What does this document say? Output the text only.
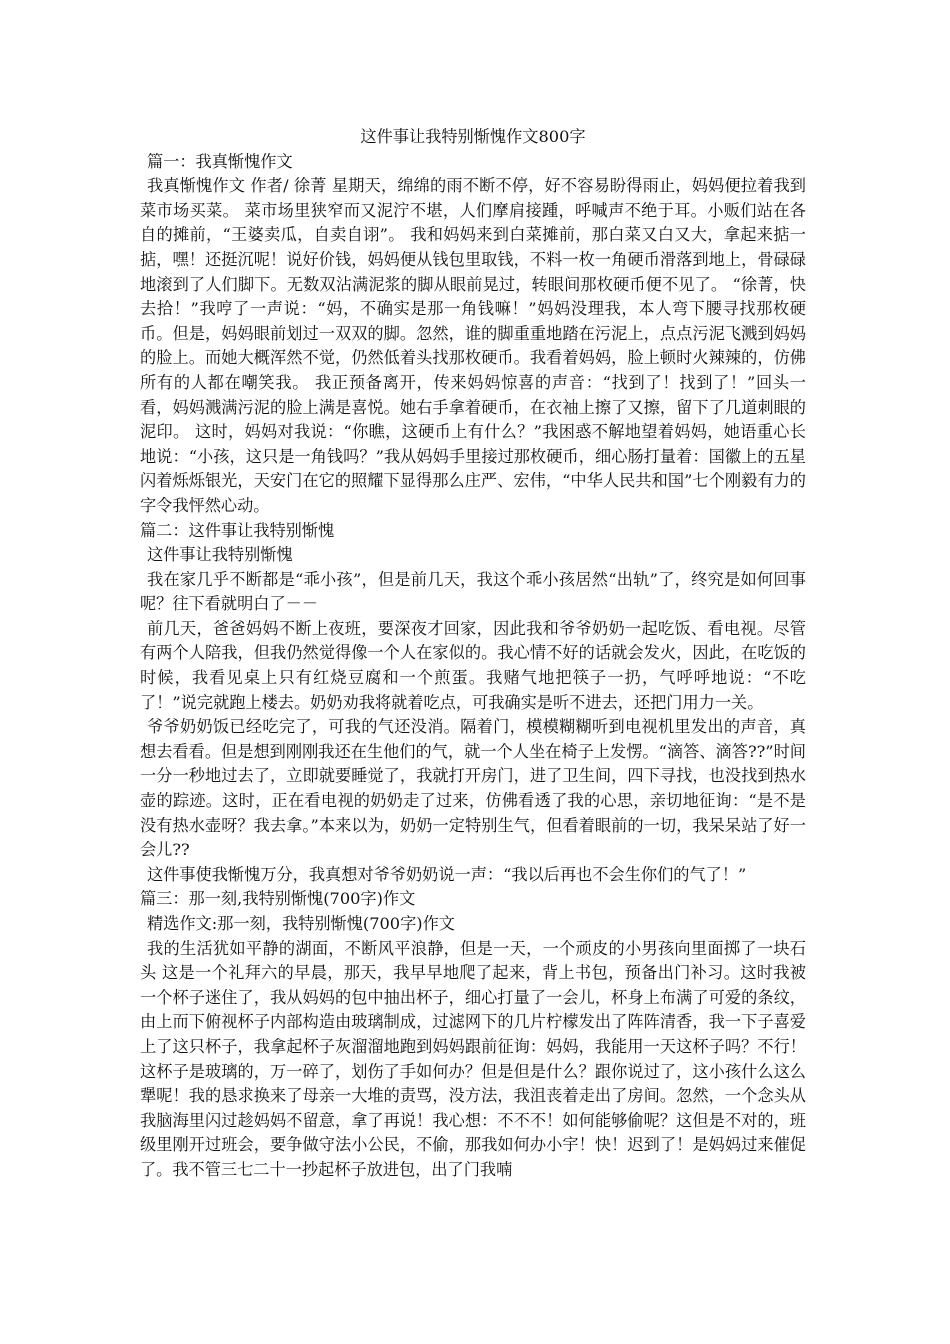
这件事让我特别惭愧作文800字

篇一：我真惭愧作文

我真惭愧作文 作者/ 徐菁 星期天，绵绵的雨不断不停，好不容易盼得雨止，妈妈便拉着我到菜市场买菜。 菜市场里狭窄而又泥泞不堪，人们摩肩接踵，呼喊声不绝于耳。小贩们站在各自的摊前，“王婆卖瓜，自卖自诩”。 我和妈妈来到白菜摊前，那白菜又白又大，拿起来掂一掂，嘿！还挺沉呢！说好价钱，妈妈便从钱包里取钱，不料一枚一角硬币滑落到地上，骨碌碌地滚到了人们脚下。无数双沾满泥浆的脚从眼前晃过，转眼间那枚硬币便不见了。 “徐菁，快去拾！”我哼了一声说：“妈，不确实是那一角钱嘛！”妈妈没理我，本人弯下腰寻找那枚硬币。但是，妈妈眼前划过一双双的脚。忽然，谁的脚重重地踏在污泥上，点点污泥飞溅到妈妈的脸上。而她大概浑然不觉，仍然低着头找那枚硬币。我看着妈妈，脸上顿时火辣辣的，仿佛所有的人都在嘲笑我。 我正预备离开，传来妈妈惊喜的声音：“找到了！找到了！”回头一看，妈妈溅满污泥的脸上满是喜悦。她右手拿着硬币，在衣袖上擦了又擦，留下了几道刺眼的泥印。 这时，妈妈对我说：“你瞧，这硬币上有什么？”我困惑不解地望着妈妈，她语重心长地说：“小孩，这只是一角钱吗？”我从妈妈手里接过那枚硬币，细心肠打量着：国徽上的五星闪着烁烁银光，天安门在它的照耀下显得那么庄严、宏伟，“中华人民共和国”七个刚毅有力的字令我怦然心动。

篇二：这件事让我特别惭愧

这件事让我特别惭愧

我在家几乎不断都是“乖小孩”，但是前几天，我这个乖小孩居然“出轨”了，终究是如何回事呢？往下看就明白了－－

前几天，爸爸妈妈不断上夜班，要深夜才回家，因此我和爷爷奶奶一起吃饭、看电视。尽管有两个人陪我，但我仍然觉得像一个人在家似的。我心情不好的话就会发火，因此，在吃饭的时候，我看见桌上只有红烧豆腐和一个煎蛋。我赌气地把筷子一扔，气呼呼地说：“不吃了！”说完就跑上楼去。奶奶劝我将就着吃点，可我确实是听不进去，还把门用力一关。

爷爷奶奶饭已经吃完了，可我的气还没消。隔着门，模模糊糊听到电视机里发出的声音，真想去看看。但是想到刚刚我还在生他们的气，就一个人坐在椅子上发愣。“滴答、滴答??”时间一分一秒地过去了，立即就要睡觉了，我就打开房门，进了卫生间，四下寻找，也没找到热水壶的踪迹。这时，正在看电视的奶奶走了过来，仿佛看透了我的心思，亲切地征询：“是不是没有热水壶呀？我去拿。”本来以为，奶奶一定特别生气，但看着眼前的一切，我呆呆站了好一会儿??

这件事使我惭愧万分，我真想对爷爷奶奶说一声：“我以后再也不会生你们的气了！”

篇三：那一刻,我特别惭愧(700字)作文

精选作文:那一刻，我特别惭愧(700字)作文

我的生活犹如平静的湖面，不断风平浪静，但是一天，一个顽皮的小男孩向里面掷了一块石头 这是一个礼拜六的早晨，那天，我早早地爬了起来，背上书包，预备出门补习。这时我被一个杯子迷住了，我从妈妈的包中抽出杯子，细心打量了一会儿，杯身上布满了可爱的条纹，由上而下俯视杯子内部构造由玻璃制成，过滤网下的几片柠檬发出了阵阵清香，我一下子喜爱上了这只杯子，我拿起杯子灰溜溜地跑到妈妈跟前征询：妈妈，我能用一天这杯子吗？不行！这杯子是玻璃的，万一碎了，划伤了手如何办？但是但是什么？跟你说过了，这小孩什么这么犟呢！我的恳求换来了母亲一大堆的责骂，没方法，我沮丧着走出了房间。忽然，一个念头从我脑海里闪过趁妈妈不留意，拿了再说！我心想：不不不！如何能够偷呢？这但是不对的，班级里刚开过班会，要争做守法小公民，不偷，那我如何办小宇！快！迟到了！是妈妈过来催促了。我不管三七二十一抄起杯子放进包，出了门我喃
